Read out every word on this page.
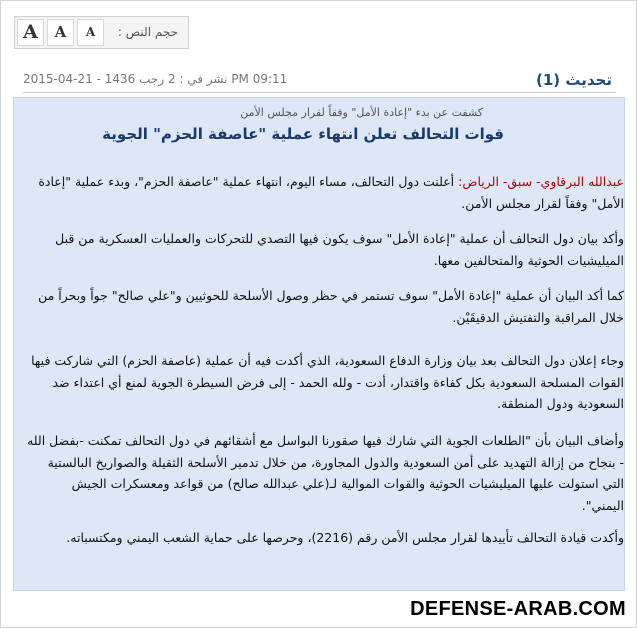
A	A	A	حجم النص :
نشر في : 2 رجب 1436 - 21-04-2015 PM 09:11	تحديث (1)
كشفت عن بدء "إعادة الأمل" وفقاً لقرار مجلس الأمن
قوات التحالف تعلن انتهاء عملية "عاصفة الحزم" الجوية
عبدالله البرقاوي- سبق- الرياض: أعلنت دول التحالف، مساء اليوم، انتهاء عملية "عاصفة الحزم"، وبدء عملية "إعادة الأمل" وفقاً لقرار مجلس الأمن.
وأكد بيان دول التحالف أن عملية "إعادة الأمل" سوف يكون فيها التصدي للتحركات والعمليات العسكرية من قبل الميليشيات الحوثية والمتحالفين معها.
كما أكد البيان أن عملية "إعادة الأمل" سوف تستمر في حظر وصول الأسلحة للحوثيين و"علي صالح" جواً وبحراً من خلال المراقبة والتفتيش الدقيقَيْن.
وجاء إعلان دول التحالف بعد بيان وزارة الدفاع السعودية، الذي أكدت فيه أن عملية (عاصفة الحزم) التي شاركت فيها القوات المسلحة السعودية بكل كفاءة واقتدار، أدت - ولله الحمد - إلى فرض السيطرة الجوية لمنع أي اعتداء ضد السعودية ودول المنطقة.
وأضاف البيان بأن "الطلعات الجوية التي شارك فيها صقورنا البواسل مع أشقائهم في دول التحالف تمكنت -بفضل الله - بنجاح من إزالة التهديد على أمن السعودية والدول المجاورة، من خلال تدمير الأسلحة الثقيلة والصواريخ البالستية التي استولت عليها الميليشيات الحوثية والقوات الموالية لـ(علي عبدالله صالح) من قواعد ومعسكرات الجيش اليمني".
وأكدت قيادة التحالف تأييدها لقرار مجلس الأمن رقم (2216)، وحرصها على حماية الشعب اليمني ومكتسباته.
DEFENSE-ARAB.COM
